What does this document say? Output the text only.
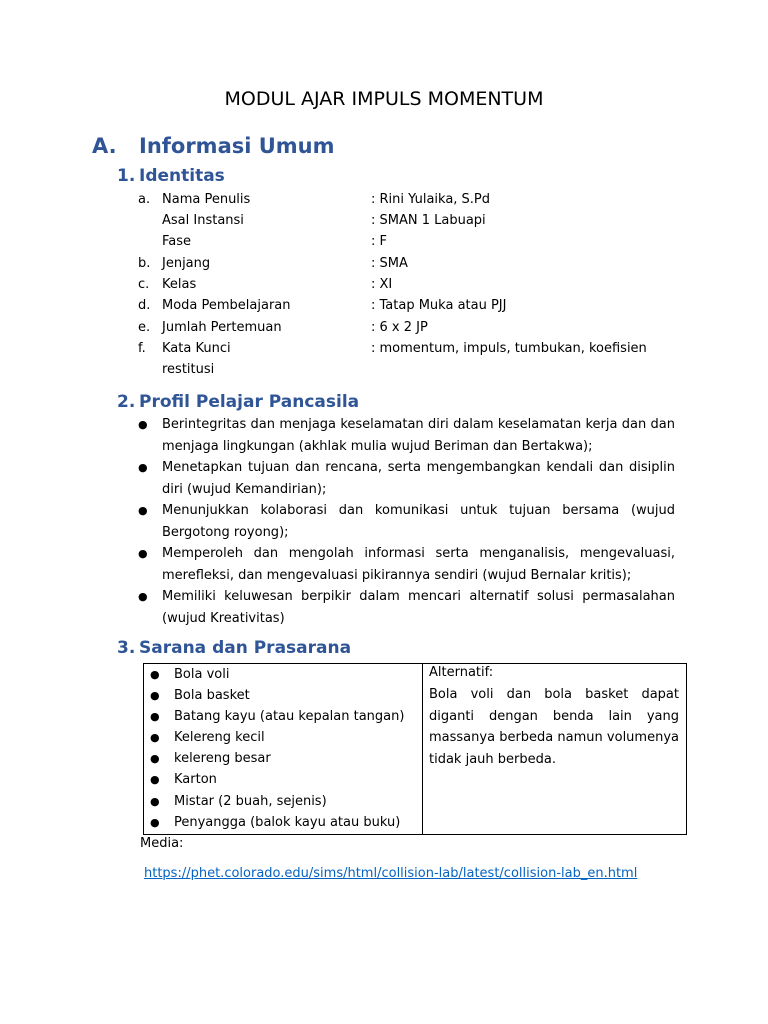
MODUL AJAR IMPULS MOMENTUM
A. Informasi Umum
1. Identitas
a. Nama Penulis	: Rini Yulaika, S.Pd
Asal Instansi	: SMAN 1 Labuapi
Fase	: F
b. Jenjang	: SMA
c. Kelas	: XI
d. Moda Pembelajaran	: Tatap Muka atau PJJ
e. Jumlah Pertemuan	: 6 x 2 JP
f. Kata Kunci	: momentum, impuls, tumbukan, koefisien
restitusi
2. Profil Pelajar Pancasila
● Berintegritas dan menjaga keselamatan diri dalam keselamatan kerja dan dan menjaga lingkungan (akhlak mulia wujud Beriman dan Bertakwa);
● Menetapkan tujuan dan rencana, serta mengembangkan kendali dan disiplin diri (wujud Kemandirian);
● Menunjukkan kolaborasi dan komunikasi untuk tujuan bersama (wujud Bergotong royong);
● Memperoleh dan mengolah informasi serta menganalisis, mengevaluasi, merefleksi, dan mengevaluasi pikirannya sendiri (wujud Bernalar kritis);
● Memiliki keluwesan berpikir dalam mencari alternatif solusi permasalahan (wujud Kreativitas)
3. Sarana dan Prasarana
● Bola voli
● Bola basket
● Batang kayu (atau kepalan tangan)
● Kelereng kecil
● kelereng besar
● Karton
● Mistar (2 buah, sejenis)
● Penyangga (balok kayu atau buku)
Alternatif:
Bola voli dan bola basket dapat diganti dengan benda lain yang massanya berbeda namun volumenya tidak jauh berbeda.
Media:
https://phet.colorado.edu/sims/html/collision-lab/latest/collision-lab_en.html
